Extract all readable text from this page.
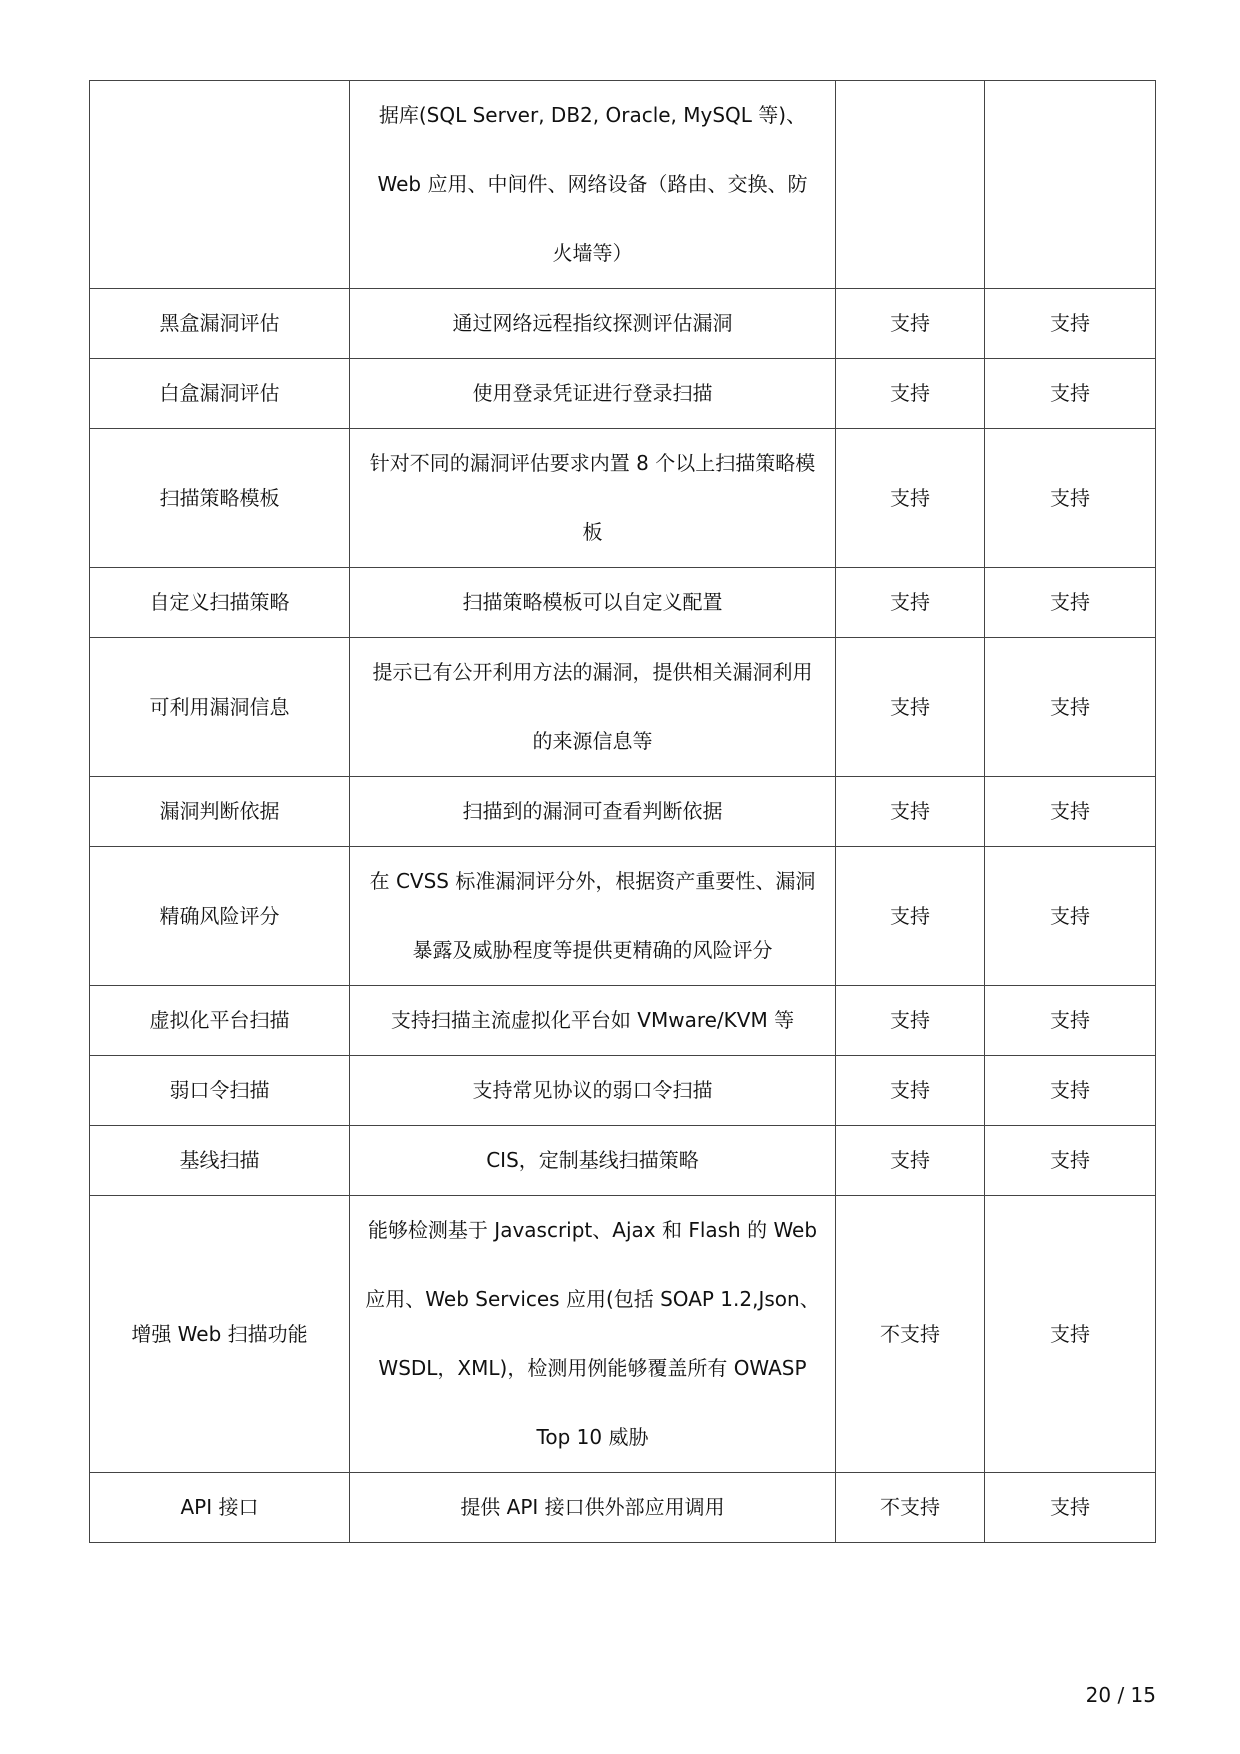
	据库(SQL Server, DB2, Oracle, MySQL 等)、
Web 应用、中间件、网络设备（路由、交换、防
火墙等）		
黑盒漏洞评估	通过网络远程指纹探测评估漏洞	支持	支持
白盒漏洞评估	使用登录凭证进行登录扫描	支持	支持
扫描策略模板	针对不同的漏洞评估要求内置 8 个以上扫描策略模
板	支持	支持
自定义扫描策略	扫描策略模板可以自定义配置	支持	支持
可利用漏洞信息	提示已有公开利用方法的漏洞，提供相关漏洞利用
的来源信息等	支持	支持
漏洞判断依据	扫描到的漏洞可查看判断依据	支持	支持
精确风险评分	在 CVSS 标准漏洞评分外，根据资产重要性、漏洞
暴露及威胁程度等提供更精确的风险评分	支持	支持
虚拟化平台扫描	支持扫描主流虚拟化平台如 VMware/KVM 等	支持	支持
弱口令扫描	支持常见协议的弱口令扫描	支持	支持
基线扫描	CIS，定制基线扫描策略	支持	支持
增强 Web 扫描功能	能够检测基于 Javascript、Ajax 和 Flash 的 Web
应用、Web Services 应用(包括 SOAP 1.2,Json、
WSDL，XML)，检测用例能够覆盖所有 OWASP
Top 10 威胁	不支持	支持
API 接口	提供 API 接口供外部应用调用	不支持	支持
20 / 15
